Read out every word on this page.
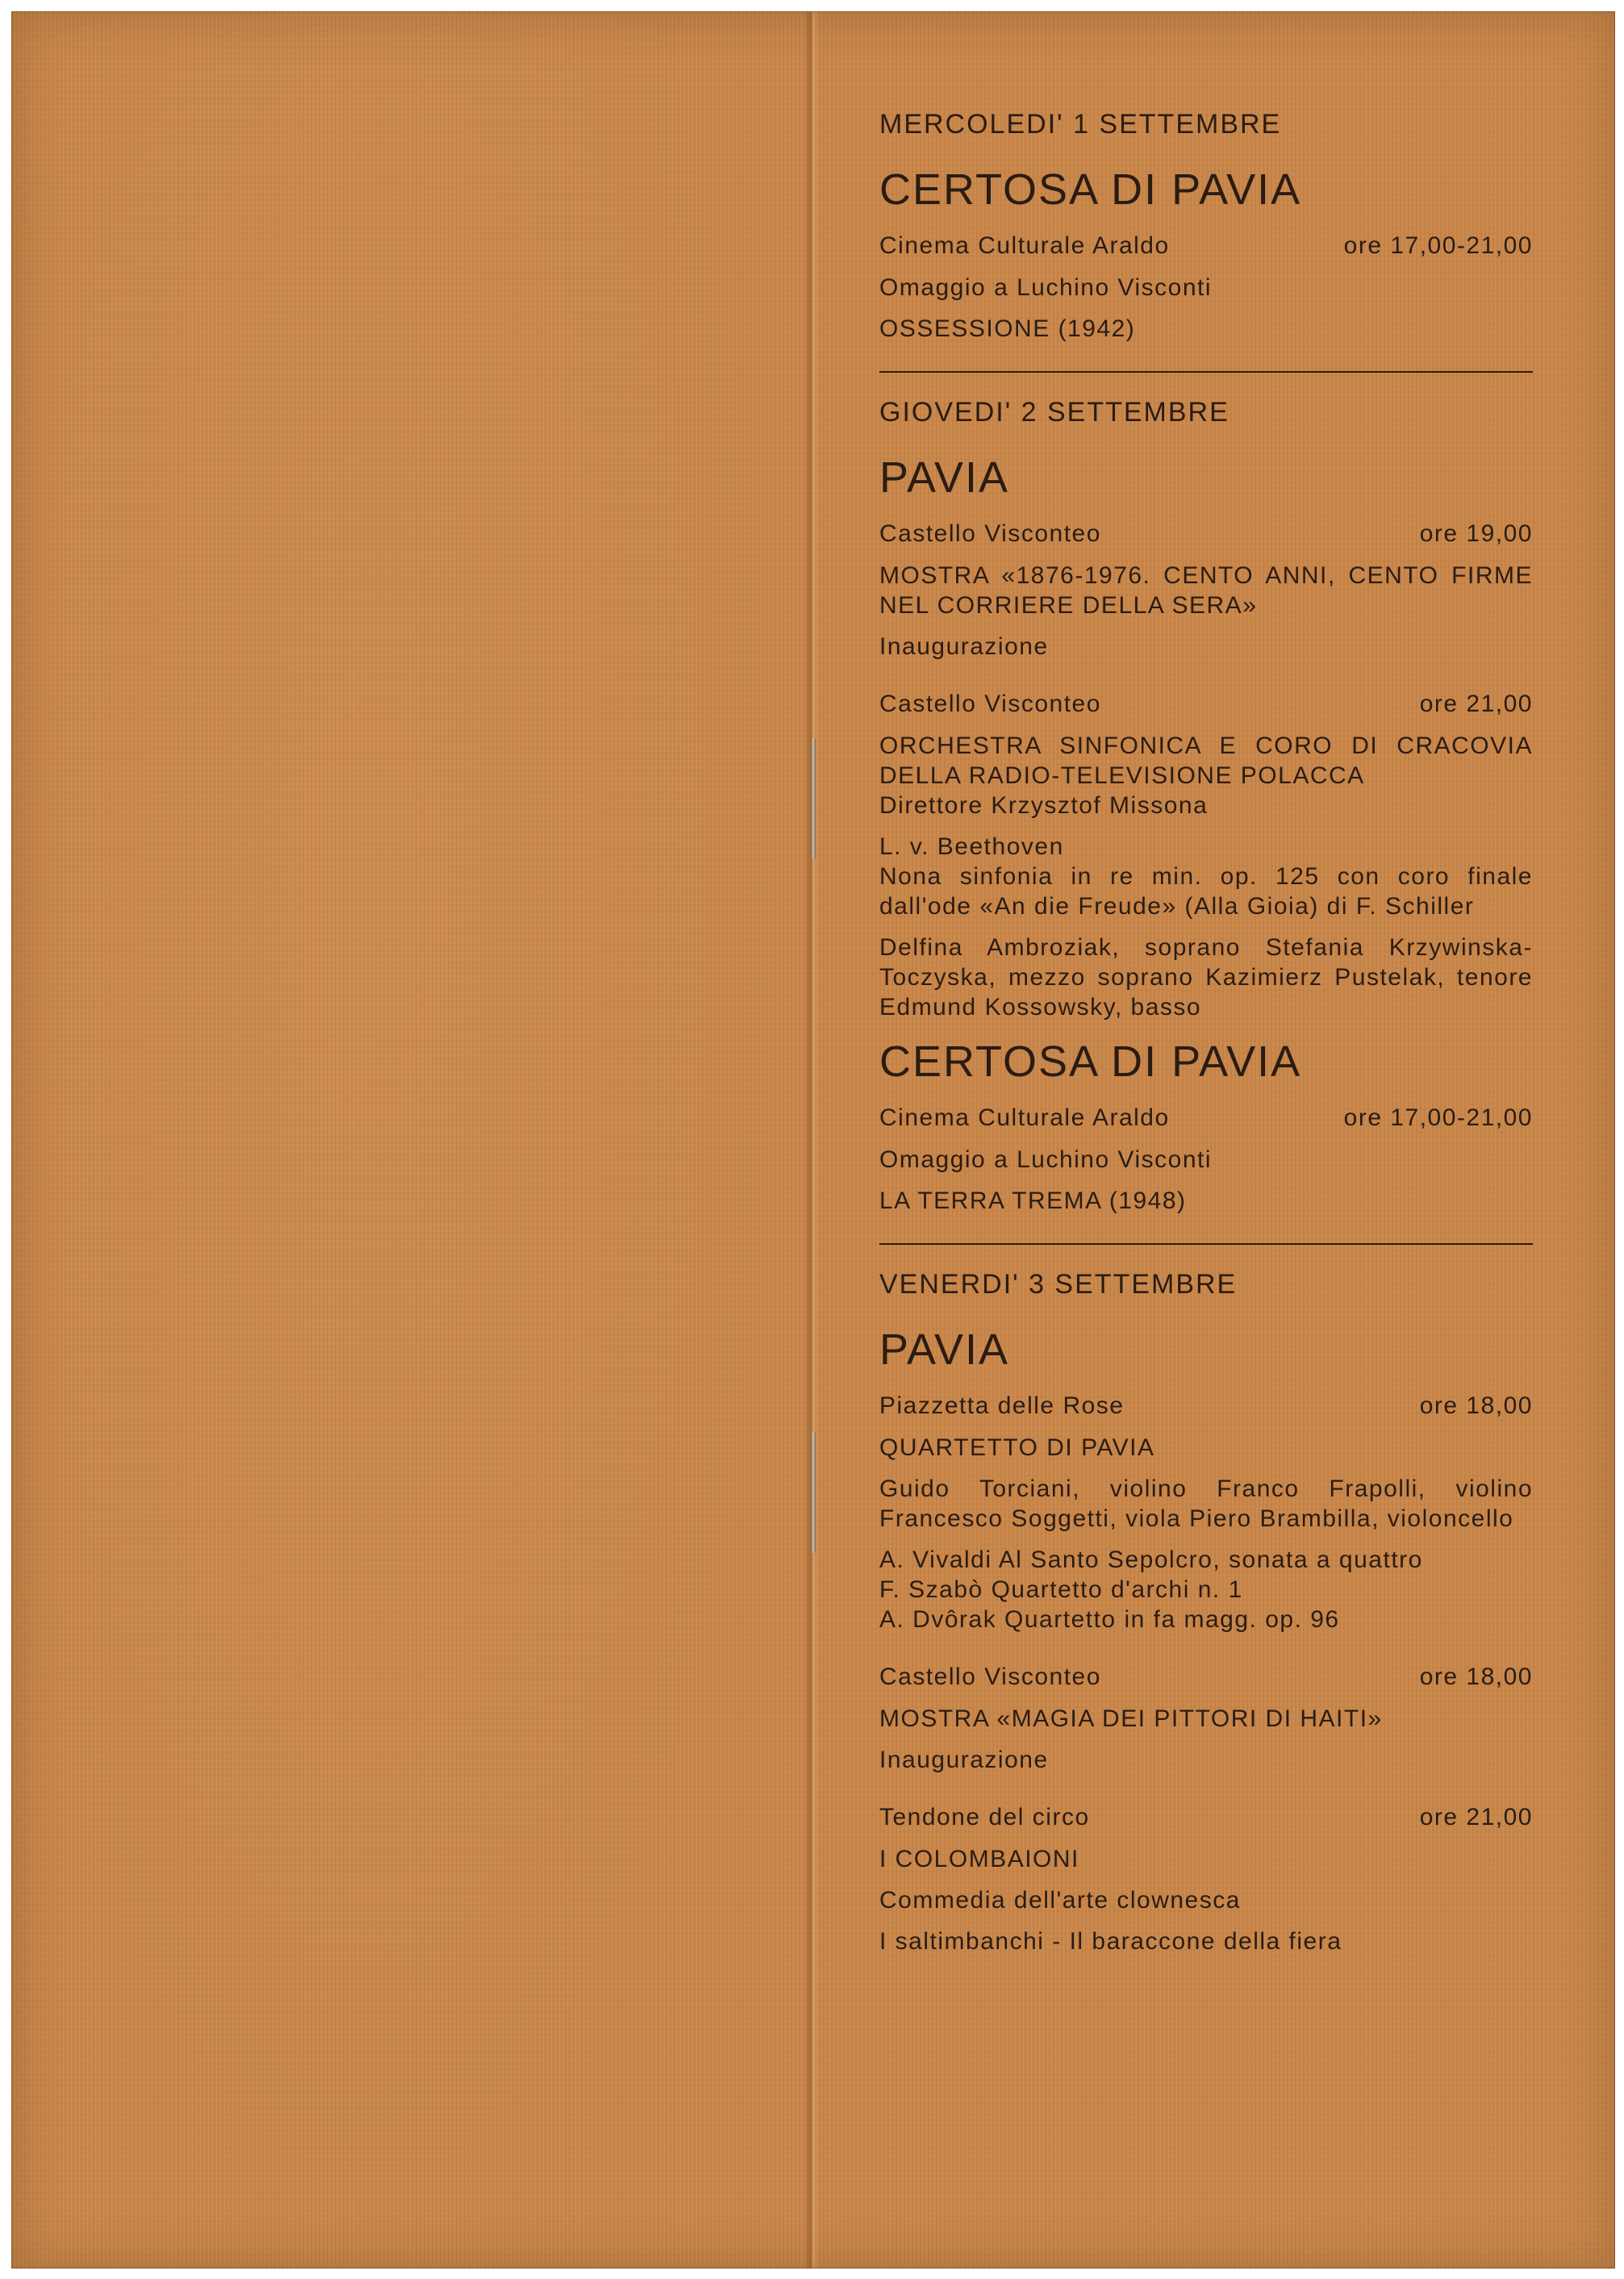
MERCOLEDI' 1 SETTEMBRE
CERTOSA DI PAVIA
Cinema Culturale Araldo	ore 17,00-21,00
Omaggio a Luchino Visconti
OSSESSIONE (1942)
GIOVEDI' 2 SETTEMBRE
PAVIA
Castello Visconteo	ore 19,00
MOSTRA «1876-1976. CENTO ANNI, CENTO FIRME NEL CORRIERE DELLA SERA»
Inaugurazione
Castello Visconteo	ore 21,00
ORCHESTRA SINFONICA E CORO DI CRACOVIA DELLA RADIO-TELEVISIONE POLACCA
Direttore Krzysztof Missona
L. v. Beethoven
Nona sinfonia in re min. op. 125 con coro finale dall'ode «An die Freude» (Alla Gioia) di F. Schiller
Delfina Ambroziak, soprano Stefania Krzywinska-Toczyska, mezzo soprano Kazimierz Pustelak, tenore Edmund Kossowsky, basso
CERTOSA DI PAVIA
Cinema Culturale Araldo	ore 17,00-21,00
Omaggio a Luchino Visconti
LA TERRA TREMA (1948)
VENERDI' 3 SETTEMBRE
PAVIA
Piazzetta delle Rose	ore 18,00
QUARTETTO DI PAVIA
Guido Torciani, violino Franco Frapolli, violino Francesco Soggetti, viola Piero Brambilla, violoncello
A. Vivaldi Al Santo Sepolcro, sonata a quattro
F. Szabò Quartetto d'archi n. 1
A. Dvôrak Quartetto in fa magg. op. 96
Castello Visconteo	ore 18,00
MOSTRA «MAGIA DEI PITTORI DI HAITI»
Inaugurazione
Tendone del circo	ore 21,00
I COLOMBAIONI
Commedia dell'arte clownesca
I saltimbanchi - Il baraccone della fiera
